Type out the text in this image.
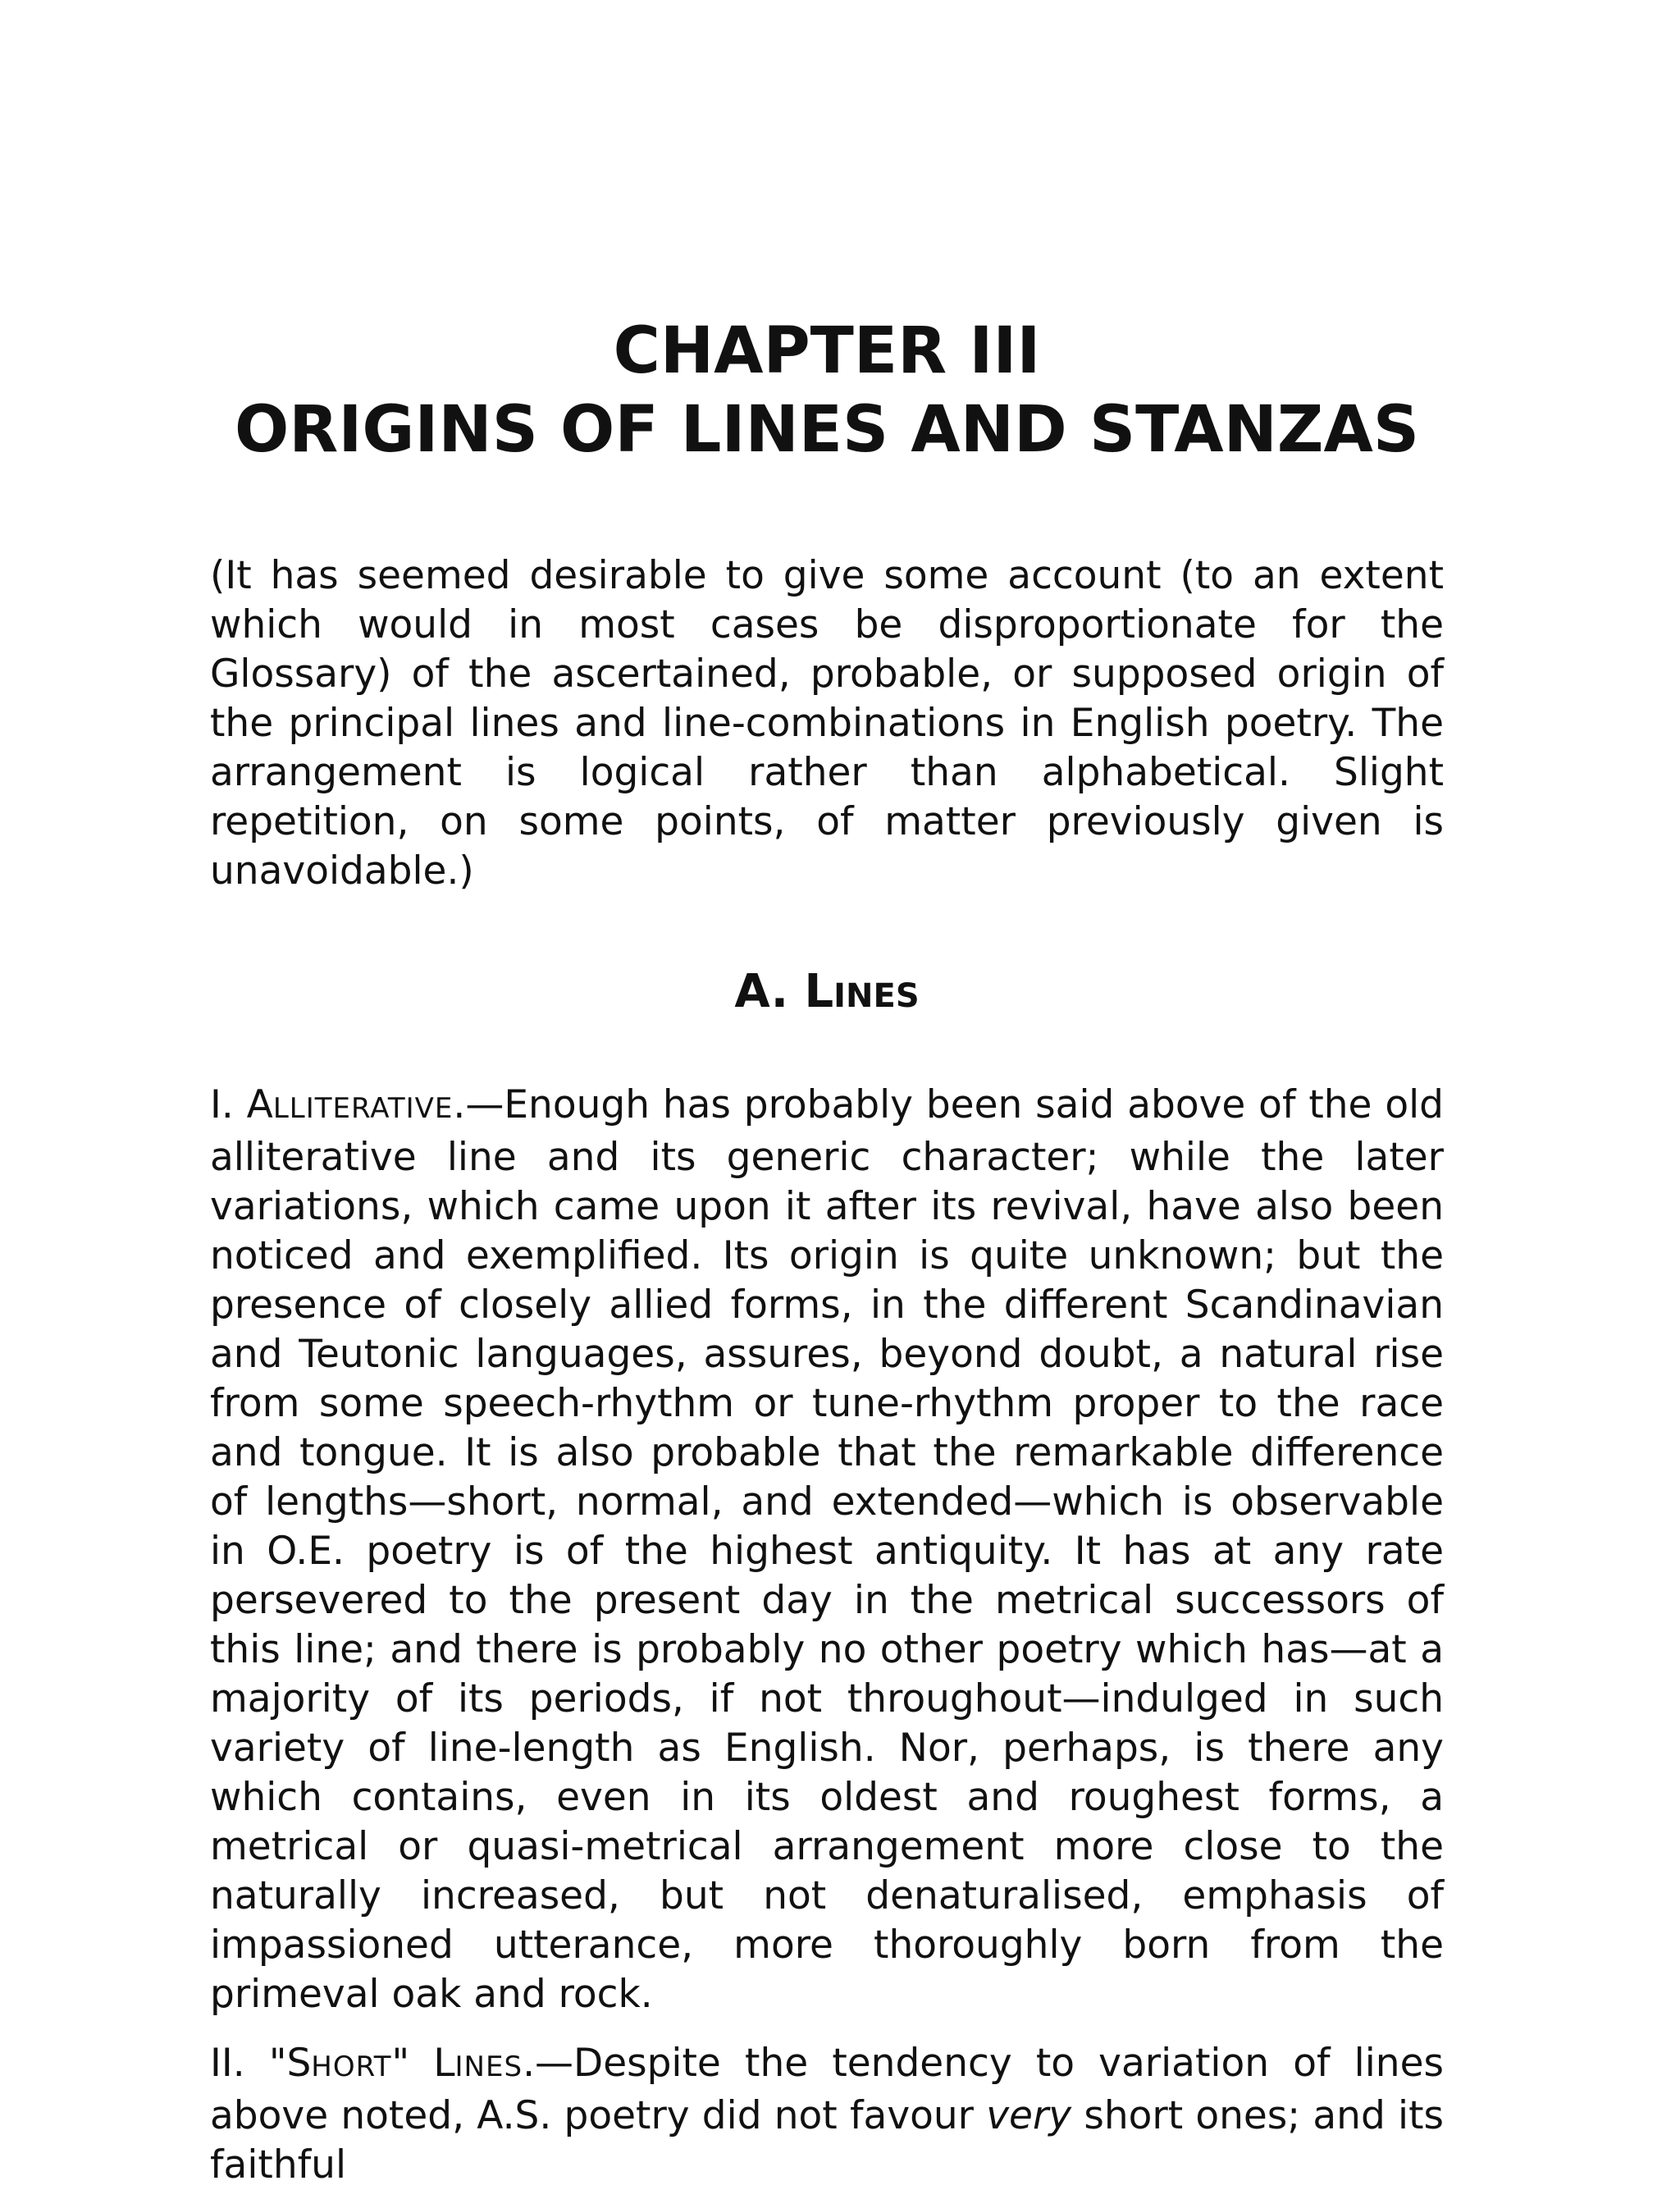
CHAPTER III
ORIGINS OF LINES AND STANZAS

(It has seemed desirable to give some account (to an extent which would in most cases be disproportionate for the Glossary) of the ascertained, probable, or supposed origin of the principal lines and line-combinations in English poetry. The arrangement is logical rather than alphabetical. Slight repetition, on some points, of matter previously given is unavoidable.)

A. LINES

I. ALLITERATIVE.—Enough has probably been said above of the old alliterative line and its generic character; while the later variations, which came upon it after its revival, have also been noticed and exemplified. Its origin is quite unknown; but the presence of closely allied forms, in the different Scandinavian and Teutonic languages, assures, beyond doubt, a natural rise from some speech-rhythm or tune-rhythm proper to the race and tongue. It is also probable that the remarkable difference of lengths—short, normal, and extended—which is observable in O.E. poetry is of the highest antiquity. It has at any rate persevered to the present day in the metrical successors of this line; and there is probably no other poetry which has—at a majority of its periods, if not throughout—indulged in such variety of line-length as English. Nor, perhaps, is there any which contains, even in its oldest and roughest forms, a metrical or quasi-metrical arrangement more close to the naturally increased, but not denaturalised, emphasis of impassioned utterance, more thoroughly born from the primeval oak and rock.

II. "SHORT" LINES.—Despite the tendency to variation of lines above noted, A.S. poetry did not favour very short ones; and its faithful
